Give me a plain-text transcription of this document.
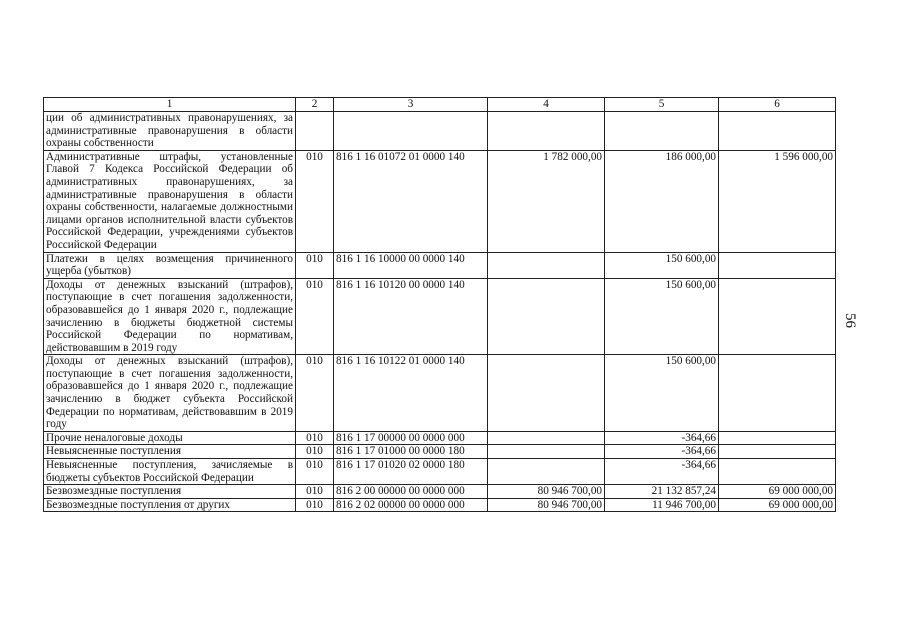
56
1	2	3	4	5	6
ции об административных правонарушениях, за административные правонарушения в области охраны собственности					
Административные штрафы, установленные Главой 7 Кодекса Российской Федерации об административных правонарушениях, за административные правонарушения в области охраны собственности, налагаемые должностными лицами органов исполнительной власти субъектов Российской Федерации, учреждениями субъектов Российской Федерации	010	816 1 16 01072 01 0000 140	1 782 000,00	186 000,00	1 596 000,00
Платежи в целях возмещения причиненного ущерба (убытков)	010	816 1 16 10000 00 0000 140		150 600,00	
Доходы от денежных взысканий (штрафов), поступающие в счет погашения задолженности, образовавшейся до 1 января 2020 г., подлежащие зачислению в бюджеты бюджетной системы Российской Федерации по нормативам, действовавшим в 2019 году	010	816 1 16 10120 00 0000 140		150 600,00	
Доходы от денежных взысканий (штрафов), поступающие в счет погашения задолженности, образовавшейся до 1 января 2020 г., подлежащие зачислению в бюджет субъекта Российской Федерации по нормативам, действовавшим в 2019 году	010	816 1 16 10122 01 0000 140		150 600,00	
Прочие неналоговые доходы	010	816 1 17 00000 00 0000 000		-364,66	
Невыясненные поступления	010	816 1 17 01000 00 0000 180		-364,66	
Невыясненные поступления, зачисляемые в бюджеты субъектов Российской Федерации	010	816 1 17 01020 02 0000 180		-364,66	
Безвозмездные поступления	010	816 2 00 00000 00 0000 000	80 946 700,00	21 132 857,24	69 000 000,00
Безвозмездные поступления от других	010	816 2 02 00000 00 0000 000	80 946 700,00	11 946 700,00	69 000 000,00
